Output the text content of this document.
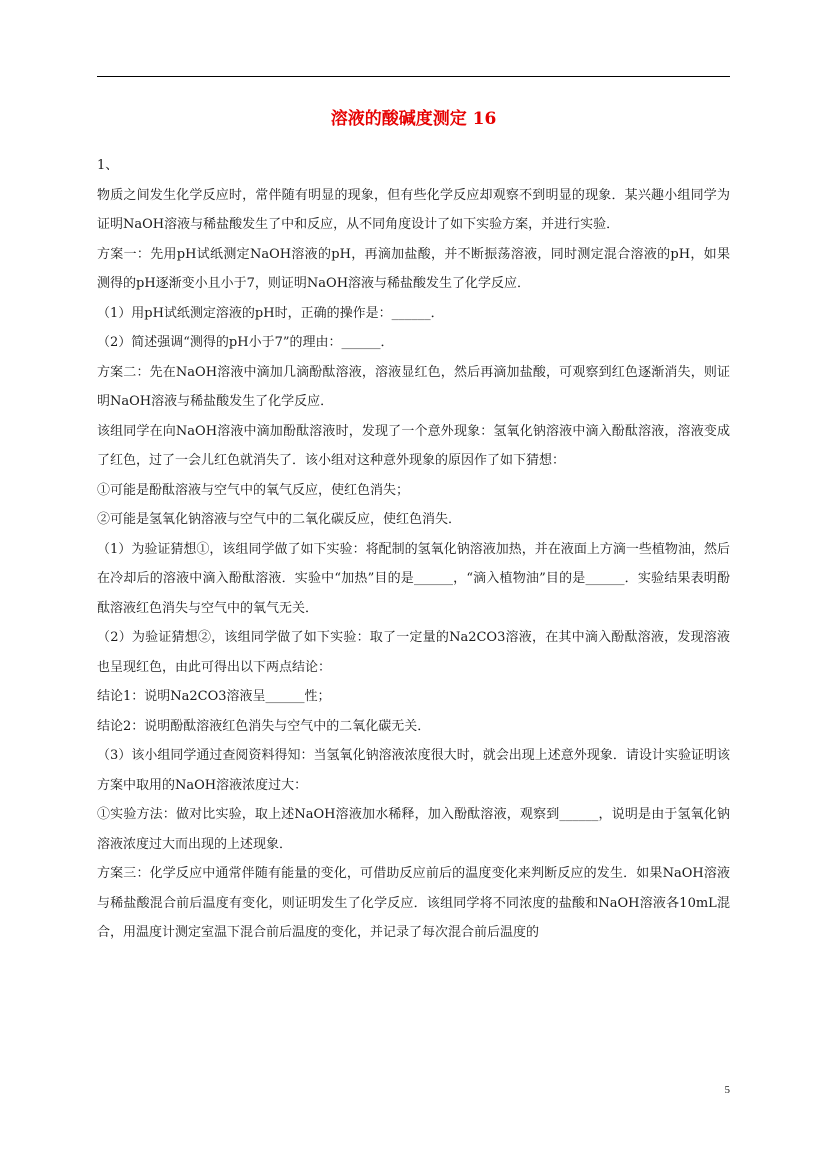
溶液的酸碱度测定 16

1、

物质之间发生化学反应时，常伴随有明显的现象，但有些化学反应却观察不到明显的现象．某兴趣小组同学为证明NaOH溶液与稀盐酸发生了中和反应，从不同角度设计了如下实验方案，并进行实验．

方案一：先用pH试纸测定NaOH溶液的pH，再滴加盐酸，并不断振荡溶液，同时测定混合溶液的pH，如果测得的pH逐渐变小且小于7，则证明NaOH溶液与稀盐酸发生了化学反应．

（1）用pH试纸测定溶液的pH时，正确的操作是：______．

（2）简述强调“测得的pH小于7”的理由：______．

方案二：先在NaOH溶液中滴加几滴酚酞溶液，溶液显红色，然后再滴加盐酸，可观察到红色逐渐消失，则证明NaOH溶液与稀盐酸发生了化学反应．

该组同学在向NaOH溶液中滴加酚酞溶液时，发现了一个意外现象：氢氧化钠溶液中滴入酚酞溶液，溶液变成了红色，过了一会儿红色就消失了．该小组对这种意外现象的原因作了如下猜想：

①可能是酚酞溶液与空气中的氧气反应，使红色消失；

②可能是氢氧化钠溶液与空气中的二氧化碳反应，使红色消失．

（1）为验证猜想①，该组同学做了如下实验：将配制的氢氧化钠溶液加热，并在液面上方滴一些植物油，然后在冷却后的溶液中滴入酚酞溶液．实验中“加热”目的是______，“滴入植物油”目的是______．实验结果表明酚酞溶液红色消失与空气中的氧气无关．

（2）为验证猜想②，该组同学做了如下实验：取了一定量的Na2CO3溶液，在其中滴入酚酞溶液，发现溶液也呈现红色，由此可得出以下两点结论：

结论1：说明Na2CO3溶液呈______性；

结论2：说明酚酞溶液红色消失与空气中的二氧化碳无关．

（3）该小组同学通过查阅资料得知：当氢氧化钠溶液浓度很大时，就会出现上述意外现象．请设计实验证明该方案中取用的NaOH溶液浓度过大：

①实验方法：做对比实验，取上述NaOH溶液加水稀释，加入酚酞溶液，观察到______，说明是由于氢氧化钠溶液浓度过大而出现的上述现象．

方案三：化学反应中通常伴随有能量的变化，可借助反应前后的温度变化来判断反应的发生．如果NaOH溶液与稀盐酸混合前后温度有变化，则证明发生了化学反应．该组同学将不同浓度的盐酸和NaOH溶液各10mL混合，用温度计测定室温下混合前后温度的变化，并记录了每次混合前后温度的

5
